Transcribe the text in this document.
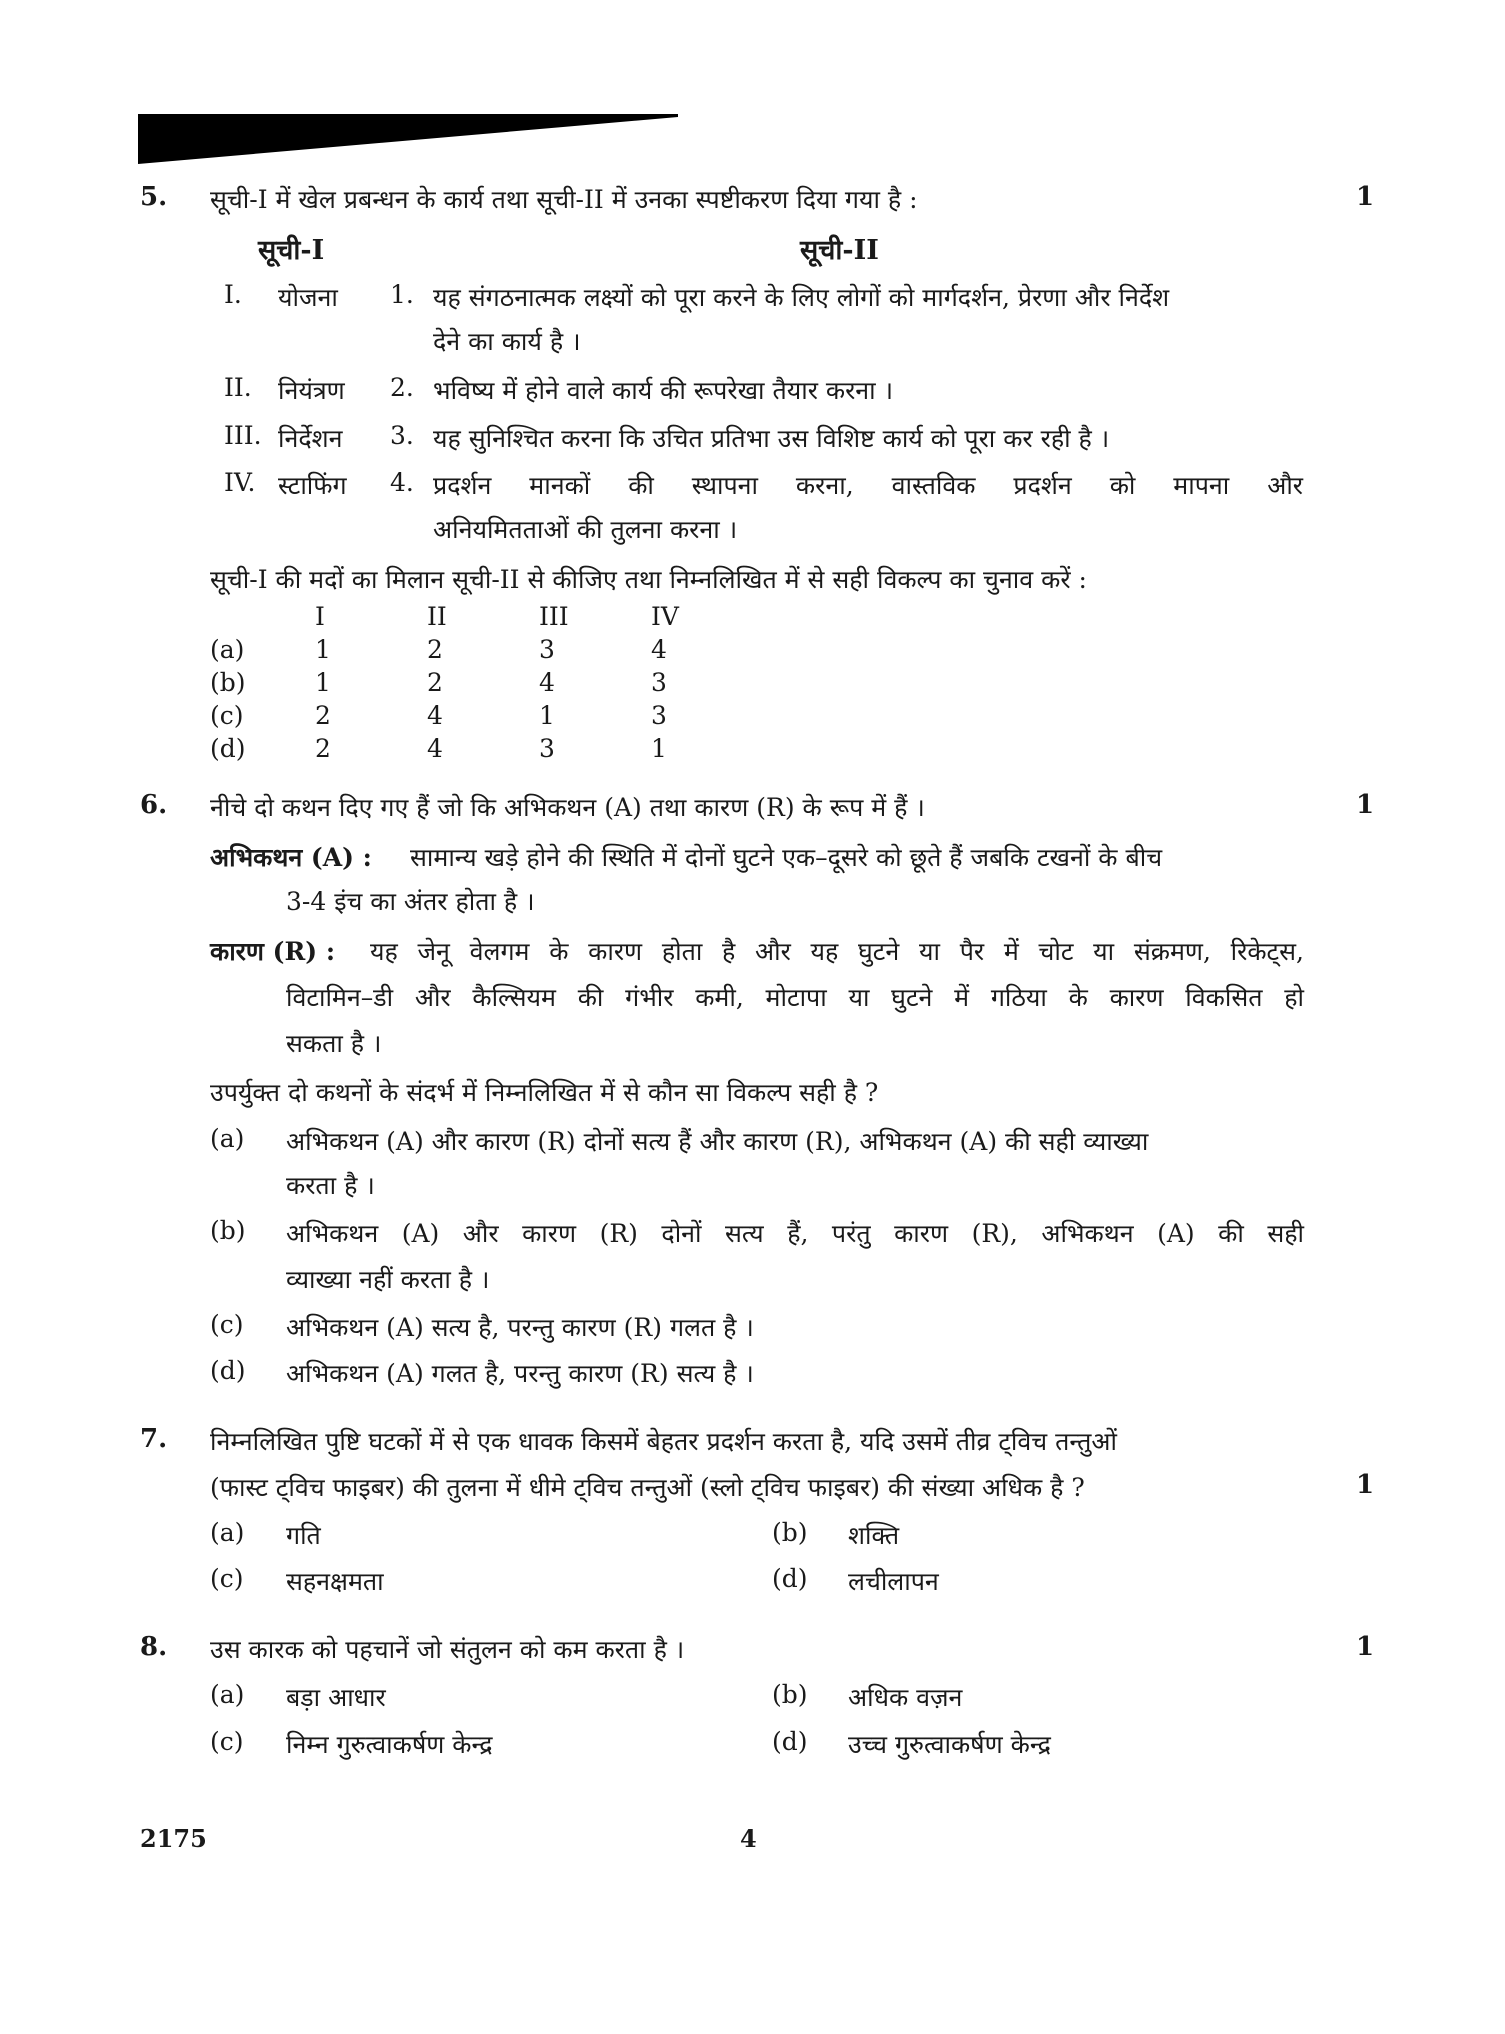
5. सूची-I में खेल प्रबन्धन के कार्य तथा सूची-II में उनका स्पष्टीकरण दिया गया है :	1
सूची-I	सूची-II
I. योजना 1. यह संगठनात्मक लक्ष्यों को पूरा करने के लिए लोगों को मार्गदर्शन, प्रेरणा और निर्देश
देने का कार्य है ।
II. नियंत्रण 2. भविष्य में होने वाले कार्य की रूपरेखा तैयार करना ।
III. निर्देशन 3. यह सुनिश्चित करना कि उचित प्रतिभा उस विशिष्ट कार्य को पूरा कर रही है ।
IV. स्टाफिंग 4. प्रदर्शन मानकों की स्थापना करना, वास्तविक प्रदर्शन को मापना और
अनियमितताओं की तुलना करना ।
सूची-I की मदों का मिलान सूची-II से कीजिए तथा निम्नलिखित में से सही विकल्प का चुनाव करें :
	I	II	III	IV
(a)	1	2	3	4
(b)	1	2	4	3
(c)	2	4	1	3
(d)	2	4	3	1
6. नीचे दो कथन दिए गए हैं जो कि अभिकथन (A) तथा कारण (R) के रूप में हैं ।	1
अभिकथन (A) : सामान्य खड़े होने की स्थिति में दोनों घुटने एक–दूसरे को छूते हैं जबकि टखनों के बीच
3-4 इंच का अंतर होता है ।
कारण (R) : यह जेनू वेलगम के कारण होता है और यह घुटने या पैर में चोट या संक्रमण, रिकेट्स,
विटामिन–डी और कैल्सियम की गंभीर कमी, मोटापा या घुटने में गठिया के कारण विकसित हो
सकता है ।
उपर्युक्त दो कथनों के संदर्भ में निम्नलिखित में से कौन सा विकल्प सही है ?
(a) अभिकथन (A) और कारण (R) दोनों सत्य हैं और कारण (R), अभिकथन (A) की सही व्याख्या
करता है ।
(b) अभिकथन (A) और कारण (R) दोनों सत्य हैं, परंतु कारण (R), अभिकथन (A) की सही
व्याख्या नहीं करता है ।
(c) अभिकथन (A) सत्य है, परन्तु कारण (R) गलत है ।
(d) अभिकथन (A) गलत है, परन्तु कारण (R) सत्य है ।
7. निम्नलिखित पुष्टि घटकों में से एक धावक किसमें बेहतर प्रदर्शन करता है, यदि उसमें तीव्र ट्विच तन्तुओं
(फास्ट ट्विच फाइबर) की तुलना में धीमे ट्विच तन्तुओं (स्लो ट्विच फाइबर) की संख्या अधिक है ?	1
(a) गति	(b) शक्ति
(c) सहनक्षमता	(d) लचीलापन
8. उस कारक को पहचानें जो संतुलन को कम करता है ।	1
(a) बड़ा आधार	(b) अधिक वज़न
(c) निम्न गुरुत्वाकर्षण केन्द्र	(d) उच्च गुरुत्वाकर्षण केन्द्र
2175	4
